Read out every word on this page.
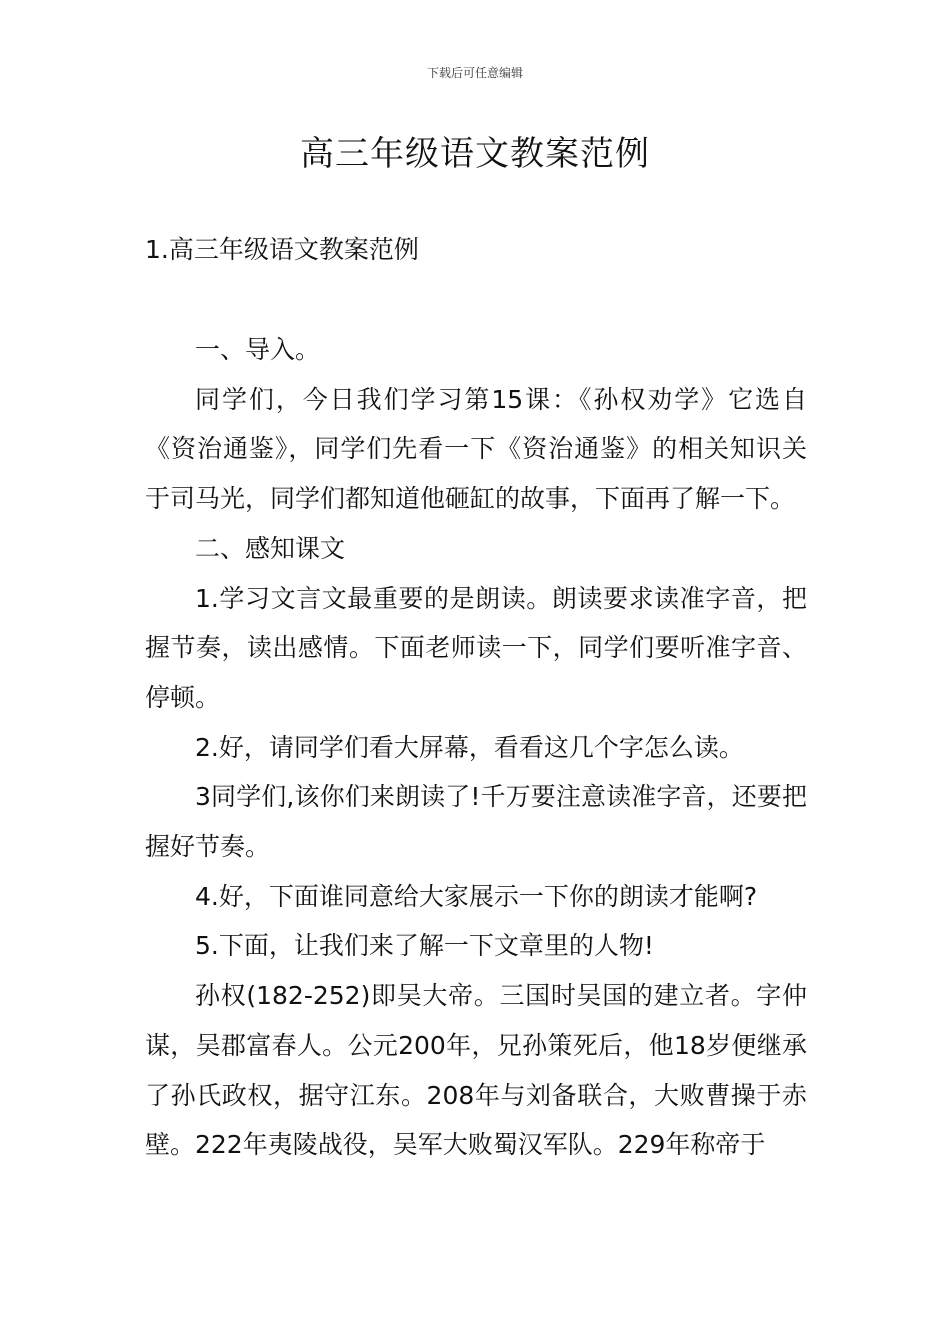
下载后可任意编辑
高三年级语文教案范例
1.高三年级语文教案范例

一、导入。

同学们，今日我们学习第15课：《孙权劝学》它选自《资治通鉴》，同学们先看一下《资治通鉴》的相关知识关于司马光，同学们都知道他砸缸的故事，下面再了解一下。

二、感知课文

1.学习文言文最重要的是朗读。朗读要求读准字音，把握节奏，读出感情。下面老师读一下，同学们要听准字音、停顿。

2.好，请同学们看大屏幕，看看这几个字怎么读。

3同学们,该你们来朗读了!千万要注意读准字音，还要把握好节奏。

4.好，下面谁同意给大家展示一下你的朗读才能啊?

5.下面，让我们来了解一下文章里的人物!

孙权(182-252)即吴大帝。三国时吴国的建立者。字仲谋，吴郡富春人。公元200年，兄孙策死后，他18岁便继承了孙氏政权，据守江东。208年与刘备联合，大败曹操于赤壁。222年夷陵战役，吴军大败蜀汉军队。229年称帝于
